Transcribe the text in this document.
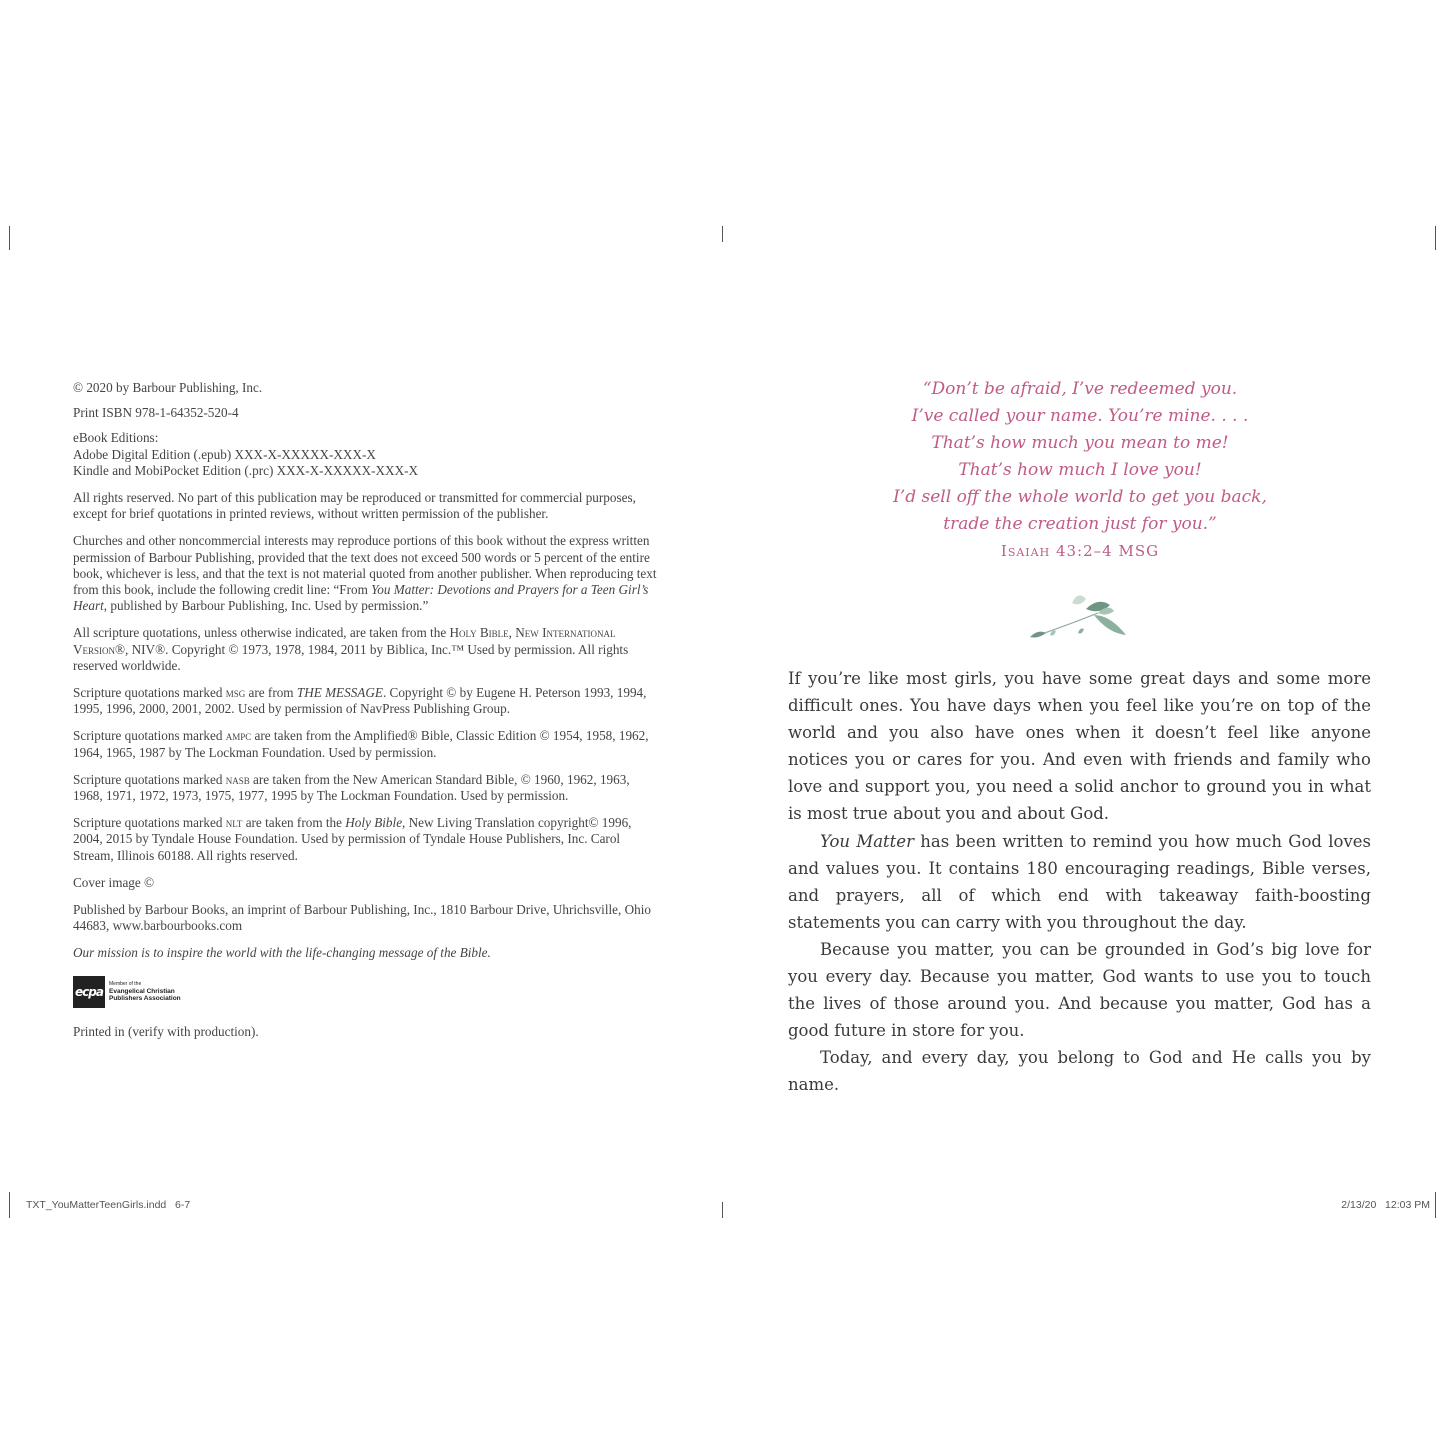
© 2020 by Barbour Publishing, Inc.

Print ISBN 978-1-64352-520-4

eBook Editions:
Adobe Digital Edition (.epub) XXX-X-XXXXX-XXX-X
Kindle and MobiPocket Edition (.prc) XXX-X-XXXXX-XXX-X

All rights reserved. No part of this publication may be reproduced or transmitted for commercial purposes, except for brief quotations in printed reviews, without written permission of the publisher.

Churches and other noncommercial interests may reproduce portions of this book without the express written permission of Barbour Publishing, provided that the text does not exceed 500 words or 5 percent of the entire book, whichever is less, and that the text is not material quoted from another publisher. When reproducing text from this book, include the following credit line: “From You Matter: Devotions and Prayers for a Teen Girl’s Heart, published by Barbour Publishing, Inc. Used by permission.”

All scripture quotations, unless otherwise indicated, are taken from the Holy Bible, New International Version®, NIV®. Copyright © 1973, 1978, 1984, 2011 by Biblica, Inc.™ Used by permission. All rights reserved worldwide.

Scripture quotations marked msg are from THE MESSAGE. Copyright © by Eugene H. Peterson 1993, 1994, 1995, 1996, 2000, 2001, 2002. Used by permission of NavPress Publishing Group.

Scripture quotations marked ampc are taken from the Amplified® Bible, Classic Edition © 1954, 1958, 1962, 1964, 1965, 1987 by The Lockman Foundation. Used by permission.

Scripture quotations marked nasb are taken from the New American Standard Bible, © 1960, 1962, 1963, 1968, 1971, 1972, 1973, 1975, 1977, 1995 by The Lockman Foundation. Used by permission.

Scripture quotations marked nlt are taken from the Holy Bible, New Living Translation copyright© 1996, 2004, 2015 by Tyndale House Foundation. Used by permission of Tyndale House Publishers, Inc. Carol Stream, Illinois 60188. All rights reserved.

Cover image ©

Published by Barbour Books, an imprint of Barbour Publishing, Inc., 1810 Barbour Drive, Uhrichsville, Ohio 44683, www.barbourbooks.com

Our mission is to inspire the world with the life-changing message of the Bible.

ecpa
Member of the
Evangelical Christian Publishers Association

Printed in (verify with production).

“Don’t be afraid, I’ve redeemed you.
I’ve called your name. You’re mine. . . .
That’s how much you mean to me!
That’s how much I love you!
I’d sell off the whole world to get you back,
trade the creation just for you.”
Isaiah 43:2–4 MSG

If you’re like most girls, you have some great days and some more difficult ones. You have days when you feel like you’re on top of the world and you also have ones when it doesn’t feel like anyone notices you or cares for you. And even with friends and family who love and support you, you need a solid anchor to ground you in what is most true about you and about God.

You Matter has been written to remind you how much God loves and values you. It contains 180 encouraging readings, Bible verses, and prayers, all of which end with takeaway faith-boosting statements you can carry with you throughout the day.

Because you matter, you can be grounded in God’s big love for you every day. Because you matter, God wants to use you to touch the lives of those around you. And because you matter, God has a good future in store for you.

Today, and every day, you belong to God and He calls you by name.

TXT_YouMatterTeenGirls.indd   6-7	2/13/20   12:03 PM
